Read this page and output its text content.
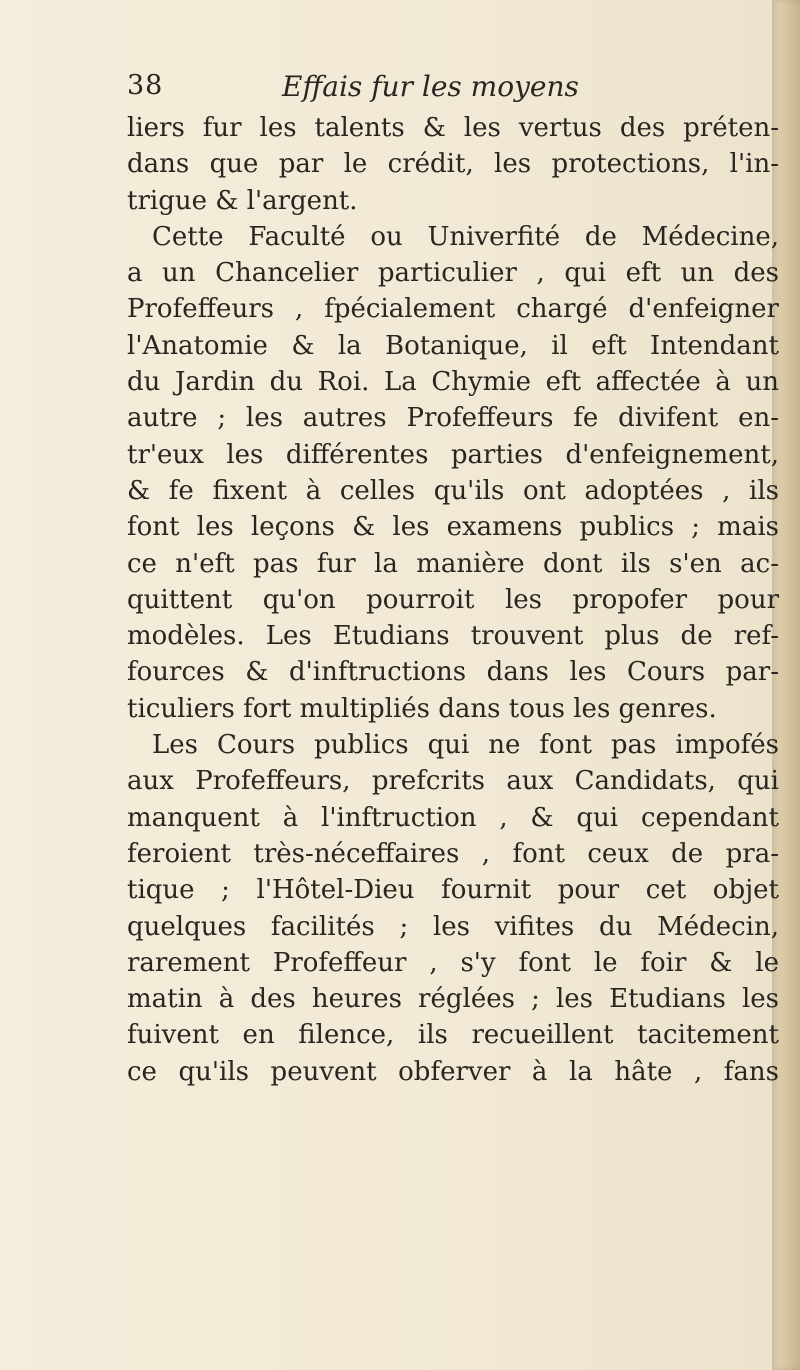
38	Effais fur les moyens
liers fur les talents & les vertus des préten-
dans que par le crédit, les protections, l'in-
trigue & l'argent.
Cette Faculté ou Univerfité de Médecine,
a un Chancelier particulier , qui eft un des
Profeffeurs , fpécialement chargé d'enfeigner
l'Anatomie & la Botanique, il eft Intendant
du Jardin du Roi. La Chymie eft affectée à un
autre ; les autres Profeffeurs fe divifent en-
tr'eux les différentes parties d'enfeignement,
& fe fixent à celles qu'ils ont adoptées , ils
font les leçons & les examens publics ; mais
ce n'eft pas fur la manière dont ils s'en ac-
quittent qu'on pourroit les propofer pour
modèles. Les Etudians trouvent plus de ref-
fources & d'inftructions dans les Cours par-
ticuliers fort multipliés dans tous les genres.
Les Cours publics qui ne font pas impofés
aux Profeffeurs, prefcrits aux Candidats, qui
manquent à l'inftruction , & qui cependant
feroient très-néceffaires , font ceux de pra-
tique ; l'Hôtel-Dieu fournit pour cet objet
quelques facilités ; les vifites du Médecin,
rarement Profeffeur , s'y font le foir & le
matin à des heures réglées ; les Etudians les
fuivent en filence, ils recueillent tacitement
ce qu'ils peuvent obferver à la hâte , fans
